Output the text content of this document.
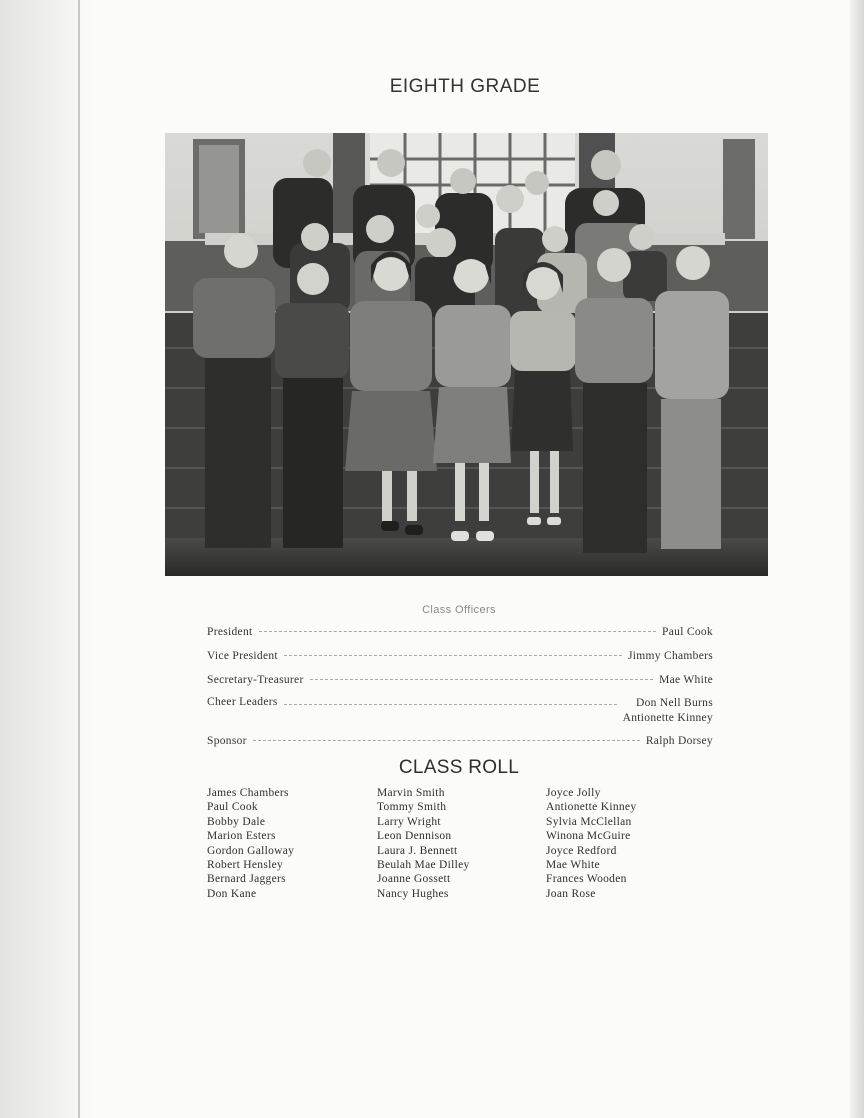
EIGHTH GRADE
Class Officers
President	Paul Cook
Vice President	Jimmy Chambers
Secretary-Treasurer	Mae White
Cheer Leaders	Don Nell Burns
Antionette Kinney
Sponsor	Ralph Dorsey
CLASS ROLL
James Chambers
Paul Cook
Bobby Dale
Marion Esters
Gordon Galloway
Robert Hensley
Bernard Jaggers
Don Kane
Marvin Smith
Tommy Smith
Larry Wright
Leon Dennison
Laura J. Bennett
Beulah Mae Dilley
Joanne Gossett
Nancy Hughes
Joyce Jolly
Antionette Kinney
Sylvia McClellan
Winona McGuire
Joyce Redford
Mae White
Frances Wooden
Joan Rose
